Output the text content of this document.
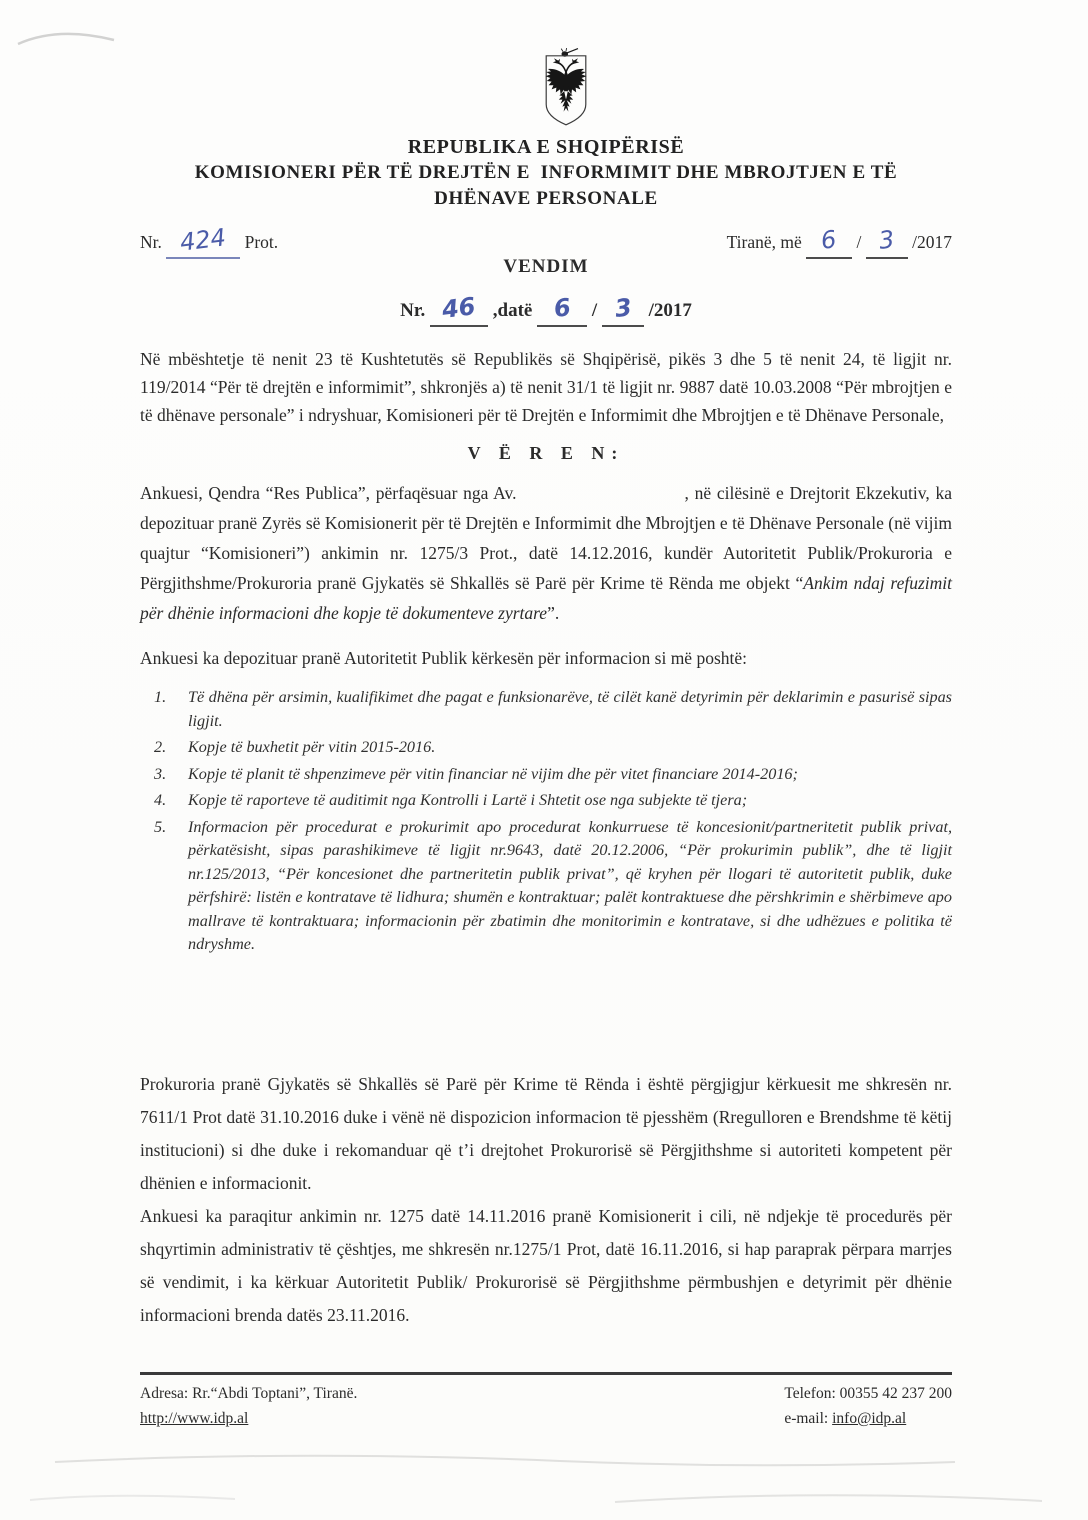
REPUBLIKA E SHQIPËRISË
KOMISIONERI PËR TË DREJTËN E  INFORMIMIT DHE MBROJTJEN E TË
DHËNAVE PERSONALE
Nr. 424 Prot.	Tiranë, më 6 / 3 /2017
VENDIM
Nr. 46 ,datë 6 / 3 /2017

Në mbështetje të nenit 23 të Kushtetutës së Republikës së Shqipërisë, pikës 3 dhe 5 të nenit 24, të ligjit nr. 119/2014 “Për të drejtën e informimit”, shkronjës a) të nenit 31/1 të ligjit nr. 9887 datë 10.03.2008 “Për mbrojtjen e të dhënave personale” i ndryshuar, Komisioneri për të Drejtën e Informimit dhe Mbrojtjen e të Dhënave Personale,

V Ë R E N:

Ankuesi, Qendra “Res Publica”, përfaqësuar nga Av.	, në cilësinë e Drejtorit Ekzekutiv, ka depozituar pranë Zyrës së Komisionerit për të Drejtën e Informimit dhe Mbrojtjen e të Dhënave Personale (në vijim quajtur “Komisioneri”) ankimin nr. 1275/3 Prot., datë 14.12.2016, kundër Autoritetit Publik/Prokuroria e Përgjithshme/Prokuroria pranë Gjykatës së Shkallës së Parë për Krime të Rënda me objekt “Ankim ndaj refuzimit për dhënie informacioni dhe kopje të dokumenteve zyrtare”.

Ankuesi ka depozituar pranë Autoritetit Publik kërkesën për informacion si më poshtë:

1.	Të dhëna për arsimin, kualifikimet dhe pagat e funksionarëve, të cilët kanë detyrimin për deklarimin e pasurisë sipas ligjit.
2.	Kopje të buxhetit për vitin 2015-2016.
3.	Kopje të planit të shpenzimeve për vitin financiar në vijim dhe për vitet financiare 2014-2016;
4.	Kopje të raporteve të auditimit nga Kontrolli i Lartë i Shtetit ose nga subjekte të tjera;
5.	Informacion për procedurat e prokurimit apo procedurat konkurruese të koncesionit/partneritetit publik privat, përkatësisht, sipas parashikimeve të ligjit nr.9643, datë 20.12.2006, “Për prokurimin publik”, dhe të ligjit nr.125/2013, “Për koncesionet dhe partneritetin publik privat”, që kryhen për llogari të autoritetit publik, duke përfshirë: listën e kontratave të lidhura; shumën e kontraktuar; palët kontraktuese dhe përshkrimin e shërbimeve apo mallrave të kontraktuara; informacionin për zbatimin dhe monitorimin e kontratave, si dhe udhëzues e politika të ndryshme.

Prokuroria pranë Gjykatës së Shkallës së Parë për Krime të Rënda i është përgjigjur kërkuesit me shkresën nr. 7611/1 Prot datë 31.10.2016 duke i vënë në dispozicion informacion të pjesshëm (Rregulloren e Brendshme të këtij institucioni) si dhe duke i rekomanduar që t’i drejtohet Prokurorisë së Përgjithshme si autoriteti kompetent për dhënien e informacionit.

Ankuesi ka paraqitur ankimin nr. 1275 datë 14.11.2016 pranë Komisionerit i cili, në ndjekje të procedurës për shqyrtimin administrativ të çështjes, me shkresën nr.1275/1 Prot, datë 16.11.2016, si hap paraprak përpara marrjes së vendimit, i ka kërkuar Autoritetit Publik/ Prokurorisë së Përgjithshme përmbushjen e detyrimit për dhënie informacioni brenda datës 23.11.2016.

Adresa: Rr.“Abdi Toptani”, Tiranë.
http://www.idp.al
Telefon: 00355 42 237 200
e-mail: info@idp.al
